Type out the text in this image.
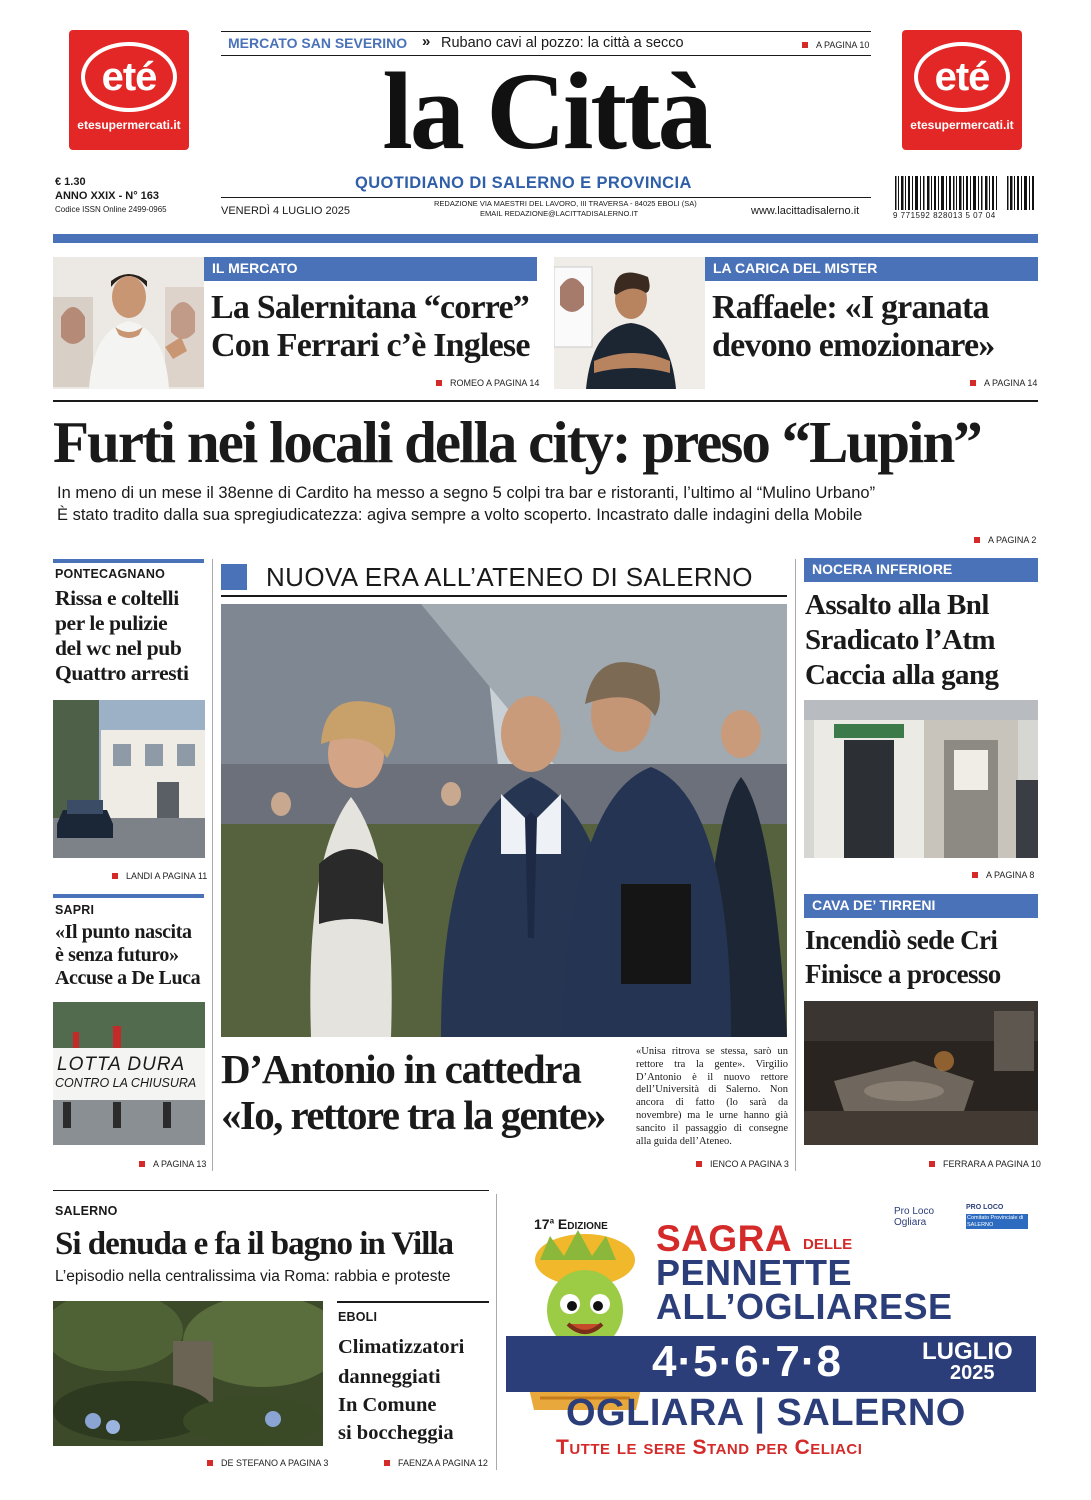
eté
etesupermercati.it
eté
etesupermercati.it
MERCATO SAN SEVERINO » Rubano cavi al pozzo: la città a secco	A PAGINA 10
la Città
QUOTIDIANO DI SALERNO E PROVINCIA
€ 1.30
ANNO XXIX - N° 163
Codice ISSN Online 2499-0965	VENERDÌ 4 LUGLIO 2025
REDAZIONE VIA MAESTRI DEL LAVORO, III TRAVERSA - 84025 EBOLI (SA)
EMAIL REDAZIONE@LACITTADISALERNO.IT	www.lacittadisalerno.it	9 771592 828013 5 07 04
IL MERCATO
La Salernitana “corre”
Con Ferrari c’è Inglese
ROMEO A PAGINA 14
LA CARICA DEL MISTER
Raffaele: «I granata
devono emozionare»
A PAGINA 14
Furti nei locali della city: preso “Lupin”
In meno di un mese il 38enne di Cardito ha messo a segno 5 colpi tra bar e ristoranti, l’ultimo al “Mulino Urbano”
È stato tradito dalla sua spregiudicatezza: agiva sempre a volto scoperto. Incastrato dalle indagini della Mobile
A PAGINA 2
PONTECAGNANO
Rissa e coltelli
per le pulizie
del wc nel pub
Quattro arresti
LANDI A PAGINA 11
SAPRI
«Il punto nascita
è senza futuro»
Accuse a De Luca
LOTTA DURA
CONTRO LA CHIUSURA
A PAGINA 13
NUOVA ERA ALL’ATENEO DI SALERNO
D’Antonio in cattedra
«Io, rettore tra la gente»
«Unisa ritrova se stessa, sarò un rettore tra la gente». Virgilio D’Antonio è il nuovo rettore dell’Università di Salerno. Non ancora di fatto (lo sarà da novembre) ma le urne hanno già sancito il passaggio di consegne alla guida dell’Ateneo.
IENCO A PAGINA 3
NOCERA INFERIORE
Assalto alla Bnl
Sradicato l’Atm
Caccia alla gang
A PAGINA 8
CAVA DE’ TIRRENI
Incendiò sede Cri
Finisce a processo
FERRARA A PAGINA 10
SALERNO
Si denuda e fa il bagno in Villa
L’episodio nella centralissima via Roma: rabbia e proteste
DE STEFANO A PAGINA 3
EBOLI
Climatizzatori
danneggiati
In Comune
si boccheggia
FAENZA A PAGINA 12
17$^a$ Edizione SAGRA DELLE
PENNETTE
ALL’OGLIARESE
Pro Loco Ogliara
PRO LOCO
Comitato Provinciale di SALERNO
4·5·6·7·8	LUGLIO
2025
OGLIARA | SALERNO
Tutte le sere Stand per Celiaci
